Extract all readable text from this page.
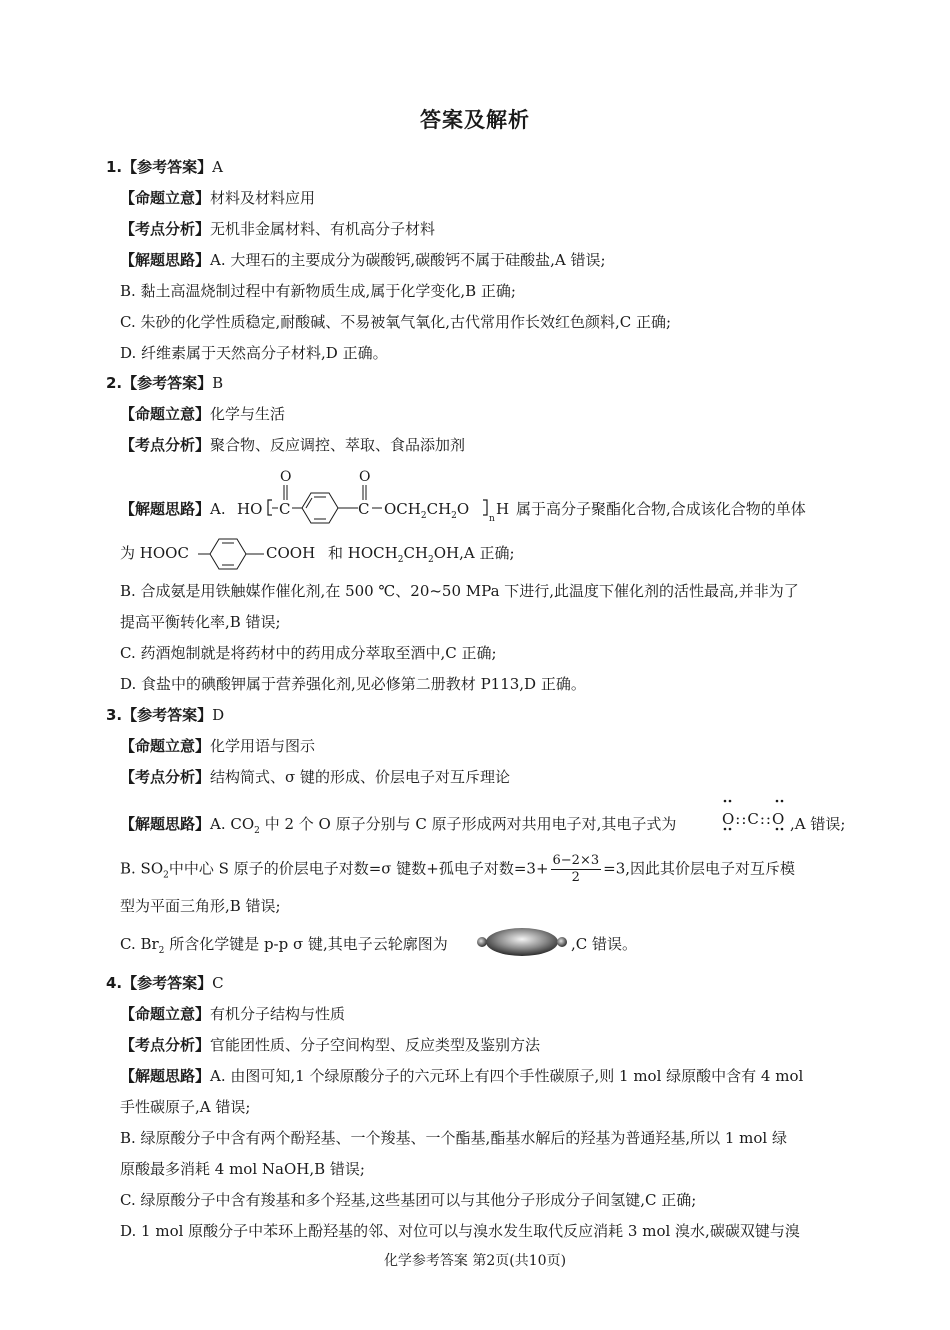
答案及解析
1.【参考答案】A
【命题立意】材料及材料应用
【考点分析】无机非金属材料、有机高分子材料
【解题思路】A. 大理石的主要成分为碳酸钙,碳酸钙不属于硅酸盐,A 错误;
B. 黏土高温烧制过程中有新物质生成,属于化学变化,B 正确;
C. 朱砂的化学性质稳定,耐酸碱、不易被氧气氧化,古代常用作长效红色颜料,C 正确;
D. 纤维素属于天然高分子材料,D 正确。
2.【参考答案】B
【命题立意】化学与生活
【考点分析】聚合物、反应调控、萃取、食品添加剂
【解题思路】A. HO
O
C
O
C $OCH_2CH_2O$
n
H 属于高分子聚酯化合物,合成该化合物的单体
为 HOOC	COOH 和 $HOCH_2CH_2OH,A$ 正确;
B. 合成氨是用铁触媒作催化剂,在 500 ℃、20~50 MPa 下进行,此温度下催化剂的活性最高,并非为了
提高平衡转化率,B 错误;
C. 药酒炮制就是将药材中的药用成分萃取至酒中,C 正确;
D. 食盐中的碘酸钾属于营养强化剂,见必修第二册教材 P113,D 正确。
3.【参考答案】D
【命题立意】化学用语与图示
【考点分析】结构简式、σ 键的形成、价层电子对互斥理论
【解题思路】A. $CO_2$ 中 2 个 O 原子分别与 C 原子形成两对共用电子对,其电子式为	O::C::O ,A 错误;
B. $SO_2$中中心 S 原子的价层电子对数=σ 键数+孤电子对数$=3+ \frac{6-2\times 3}{2} =3$,因此其价层电子对互斥模
型为平面三角形,B 错误;
C. $Br_2$ 所含化学键是 p-p σ 键,其电子云轮廓图为	,C 错误。
4.【参考答案】C
【命题立意】有机分子结构与性质
【考点分析】官能团性质、分子空间构型、反应类型及鉴别方法
【解题思路】A. 由图可知,1 个绿原酸分子的六元环上有四个手性碳原子,则 1 mol 绿原酸中含有 4 mol
手性碳原子,A 错误;
B. 绿原酸分子中含有两个酚羟基、一个羧基、一个酯基,酯基水解后的羟基为普通羟基,所以 1 mol 绿
原酸最多消耗 4 mol NaOH,B 错误;
C. 绿原酸分子中含有羧基和多个羟基,这些基团可以与其他分子形成分子间氢键,C 正确;
D. 1 mol 原酸分子中苯环上酚羟基的邻、对位可以与溴水发生取代反应消耗 3 mol 溴水,碳碳双键与溴
化学参考答案 第2页(共10页)
